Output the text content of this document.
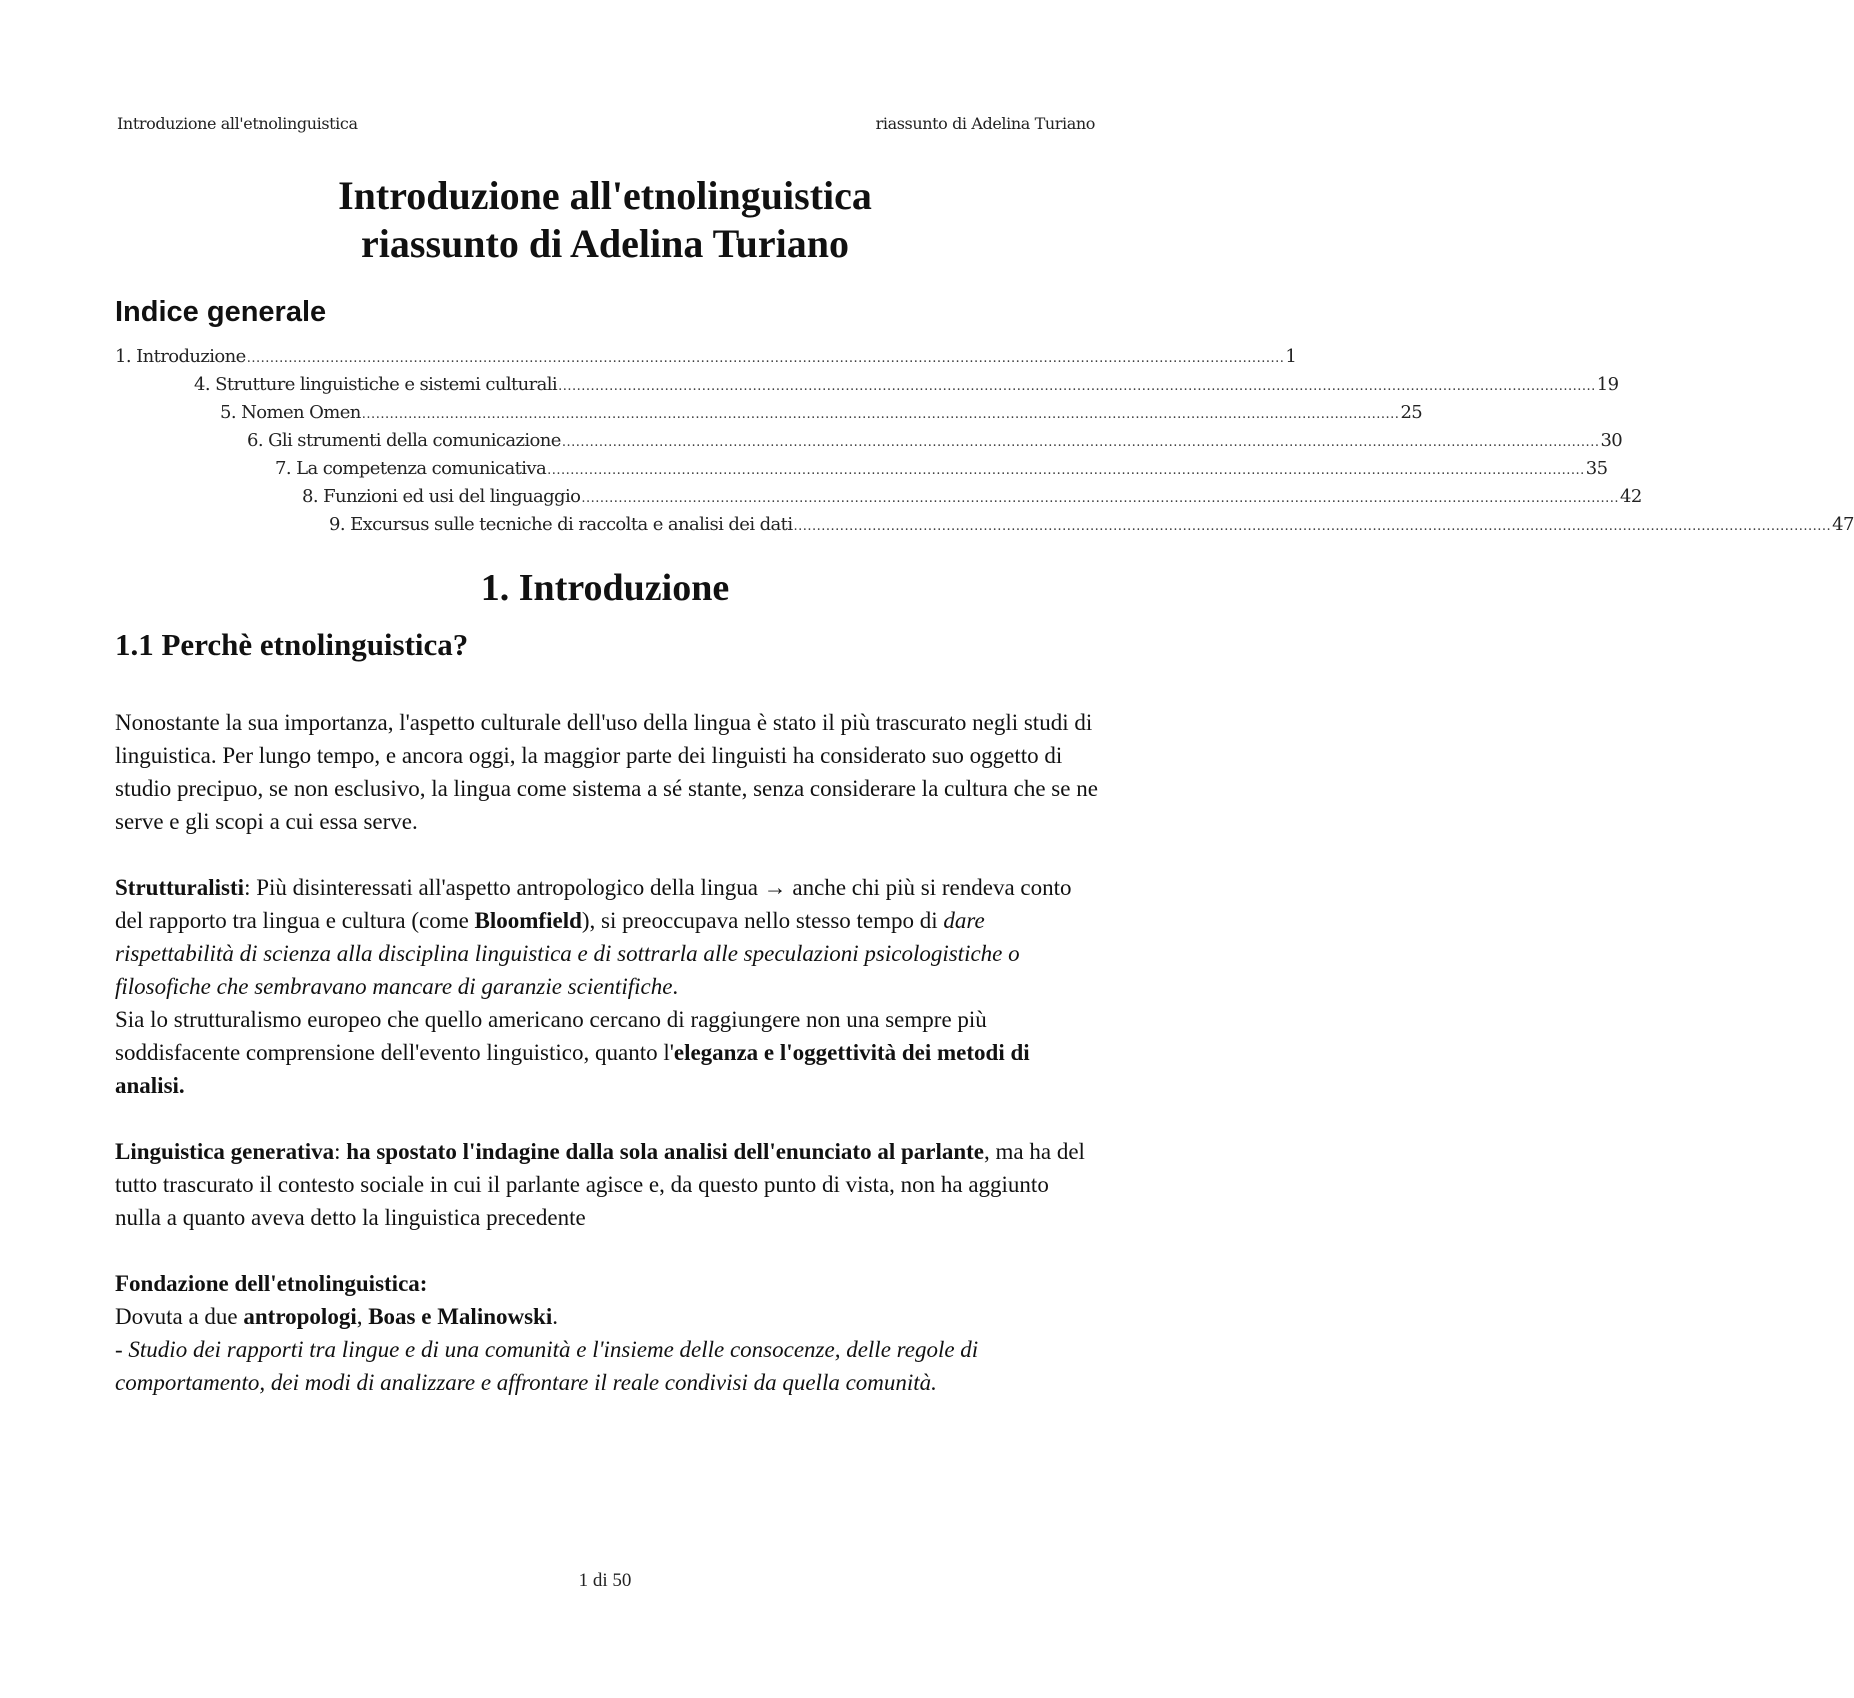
Introduzione all'etnolinguistica	riassunto di Adelina Turiano
Introduzione all'etnolinguistica
riassunto di Adelina Turiano
Indice generale
1. Introduzione ................................................................................................................................................................................................................................ 1
4. Strutture linguistiche e sistemi culturali ................................................................................................................................................................................................................................ 19
5. Nomen Omen ................................................................................................................................................................................................................................ 25
6. Gli strumenti della comunicazione ................................................................................................................................................................................................................................ 30
7. La competenza comunicativa ................................................................................................................................................................................................................................ 35
8. Funzioni ed usi del linguaggio ................................................................................................................................................................................................................................ 42
9. Excursus sulle tecniche di raccolta e analisi dei dati ................................................................................................................................................................................................................................ 47
1. Introduzione
1.1 Perchè etnolinguistica?

Nonostante la sua importanza, l'aspetto culturale dell'uso della lingua è stato il più trascurato negli studi di linguistica. Per lungo tempo, e ancora oggi, la maggior parte dei linguisti ha considerato suo oggetto di studio precipuo, se non esclusivo, la lingua come sistema a sé stante, senza considerare la cultura che se ne serve e gli scopi a cui essa serve.

Strutturalisti: Più disinteressati all'aspetto antropologico della lingua → anche chi più si rendeva conto del rapporto tra lingua e cultura (come Bloomfield), si preoccupava nello stesso tempo di dare rispettabilità di scienza alla disciplina linguistica e di sottrarla alle speculazioni psicologistiche o filosofiche che sembravano mancare di garanzie scientifiche.

Sia lo strutturalismo europeo che quello americano cercano di raggiungere non una sempre più soddisfacente comprensione dell'evento linguistico, quanto l'eleganza e l'oggettività dei metodi di analisi.

Linguistica generativa: ha spostato l'indagine dalla sola analisi dell'enunciato al parlante, ma ha del tutto trascurato il contesto sociale in cui il parlante agisce e, da questo punto di vista, non ha aggiunto nulla a quanto aveva detto la linguistica precedente

Fondazione dell'etnolinguistica:

Dovuta a due antropologi, Boas e Malinowski.

- Studio dei rapporti tra lingue e di una comunità e l'insieme delle consocenze, delle regole di comportamento, dei modi di analizzare e affrontare il reale condivisi da quella comunità.

1 di 50
